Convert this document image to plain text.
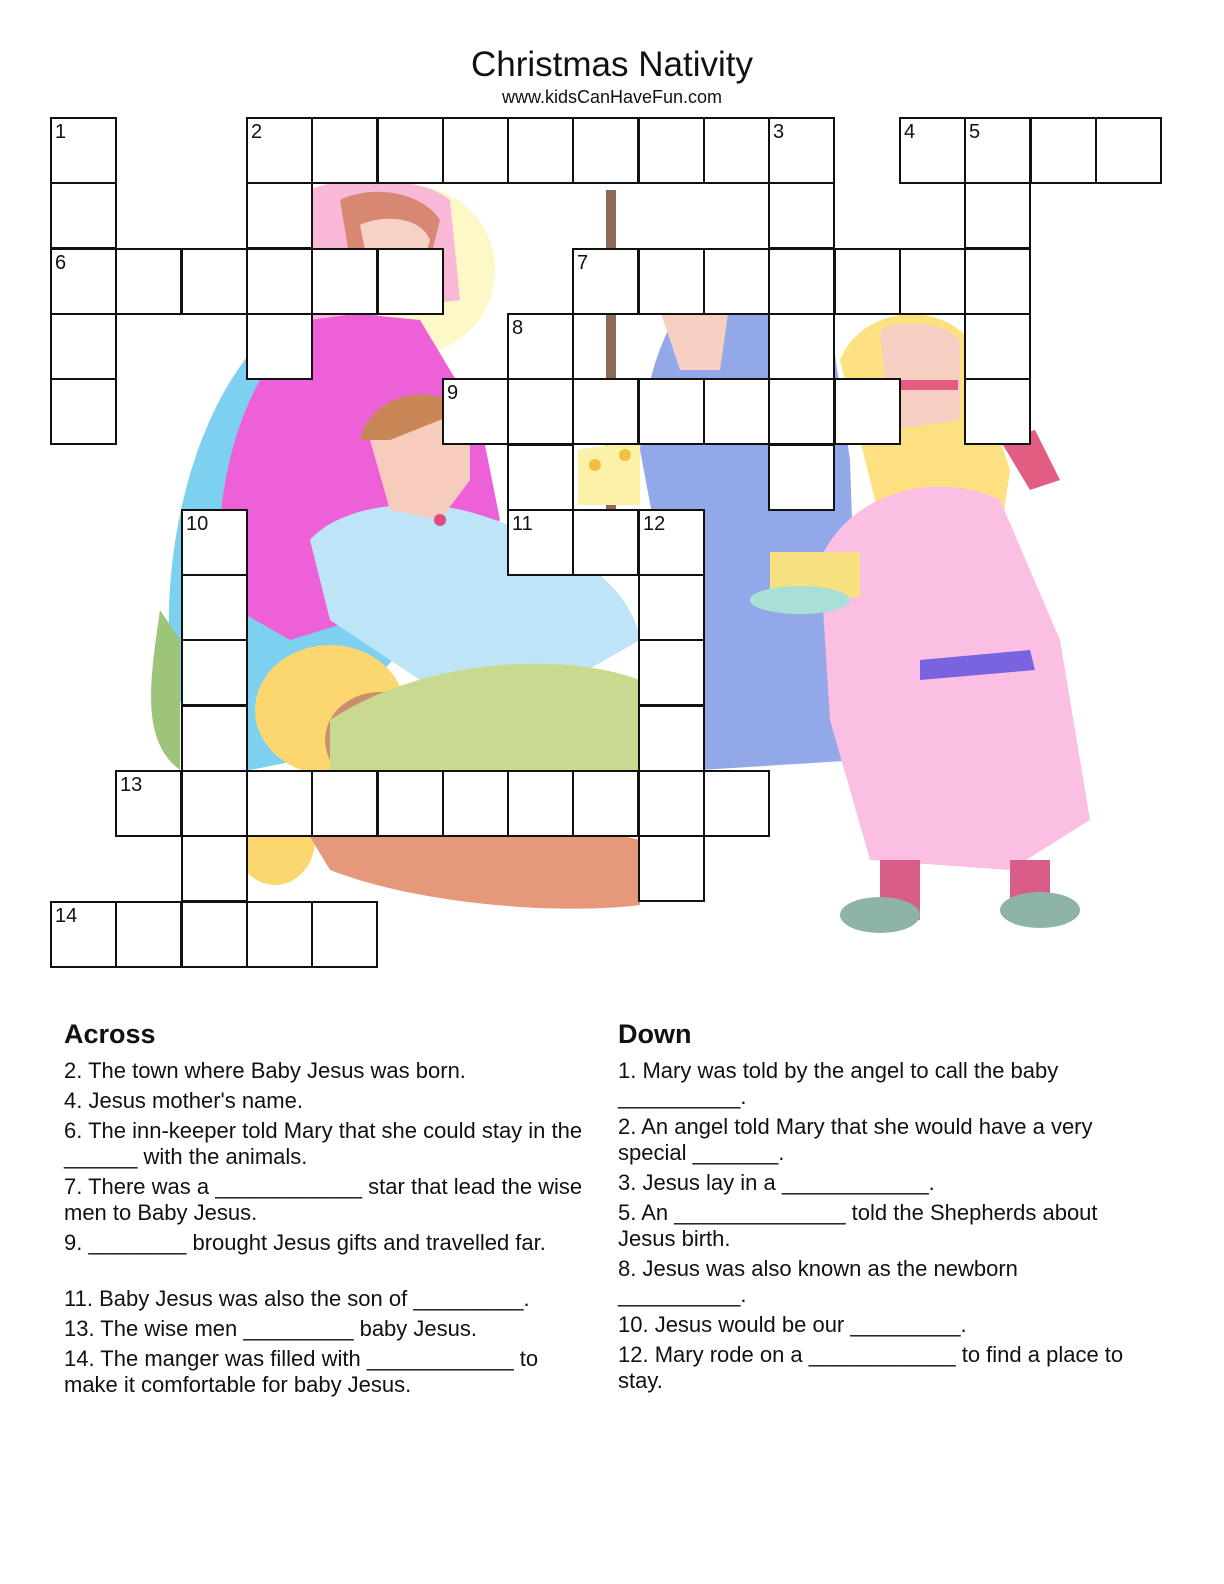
Christmas Nativity
www.kidsCanHaveFun.com
1	2	3	4	5
6	7
8
9
10	11	12
13
14
Across
2. The town where Baby Jesus was born.
4. Jesus mother's name.
6. The inn-keeper told Mary that she could stay in the ______ with the animals.
7. There was a ____________ star that lead the wise men to Baby Jesus.
9. ________ brought Jesus gifts and travelled far.
11. Baby Jesus was also the son of _________.
13. The wise men _________ baby Jesus.
14. The manger was filled with ____________ to make it comfortable for baby Jesus.
Down
1. Mary was told by the angel to call the baby __________.
2. An angel told Mary that she would have a very special _______.
3. Jesus lay in a ____________.
5. An ______________ told the Shepherds about Jesus birth.
8. Jesus was also known as the newborn __________.
10. Jesus would be our _________.
12. Mary rode on a ____________ to find a place to stay.
